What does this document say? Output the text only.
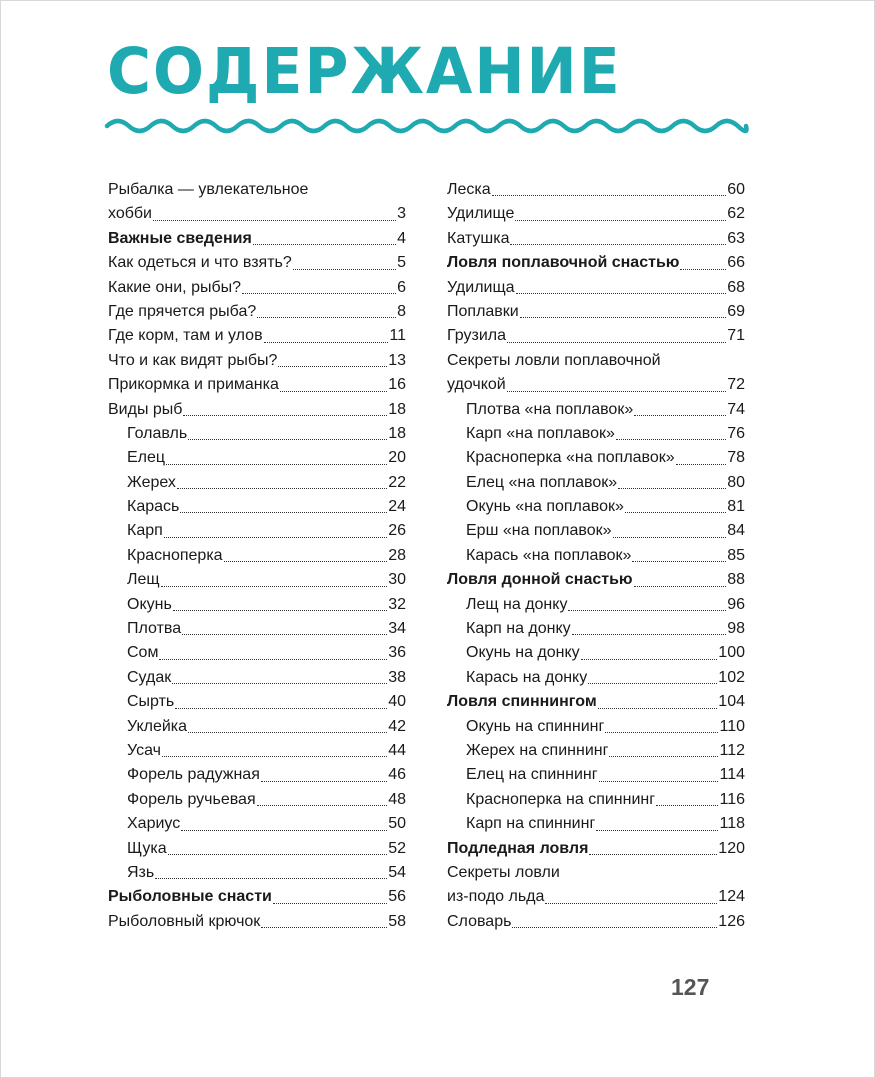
СОДЕРЖАНИЕ
Рыбалка — увлекательное
хобби	3
Важные сведения	4
Как одеться и что взять?	5
Какие они, рыбы?	6
Где прячется рыба?	8
Где корм, там и улов	11
Что и как видят рыбы?	13
Прикормка и приманка	16
Виды рыб	18
Голавль	18
Елец	20
Жерех	22
Карась	24
Карп	26
Красноперка	28
Лещ	30
Окунь	32
Плотва	34
Сом	36
Судак	38
Сырть	40
Уклейка	42
Усач	44
Форель радужная	46
Форель ручьевая	48
Хариус	50
Щука	52
Язь	54
Рыболовные снасти	56
Рыболовный крючок	58
Леска	60
Удилище	62
Катушка	63
Ловля поплавочной снастью	66
Удилища	68
Поплавки	69
Грузила	71
Секреты ловли поплавочной
удочкой	72
Плотва «на поплавок»	74
Карп «на поплавок»	76
Красноперка «на поплавок»	78
Елец «на поплавок»	80
Окунь «на поплавок»	81
Ерш «на поплавок»	84
Карась «на поплавок»	85
Ловля донной снастью	88
Лещ на донку	96
Карп на донку	98
Окунь на донку	100
Карась на донку	102
Ловля спиннингом	104
Окунь на спиннинг	110
Жерех на спиннинг	112
Елец на спиннинг	114
Красноперка на спиннинг	116
Карп на спиннинг	118
Подледная ловля	120
Секреты ловли
из-подо льда	124
Словарь	126
127
